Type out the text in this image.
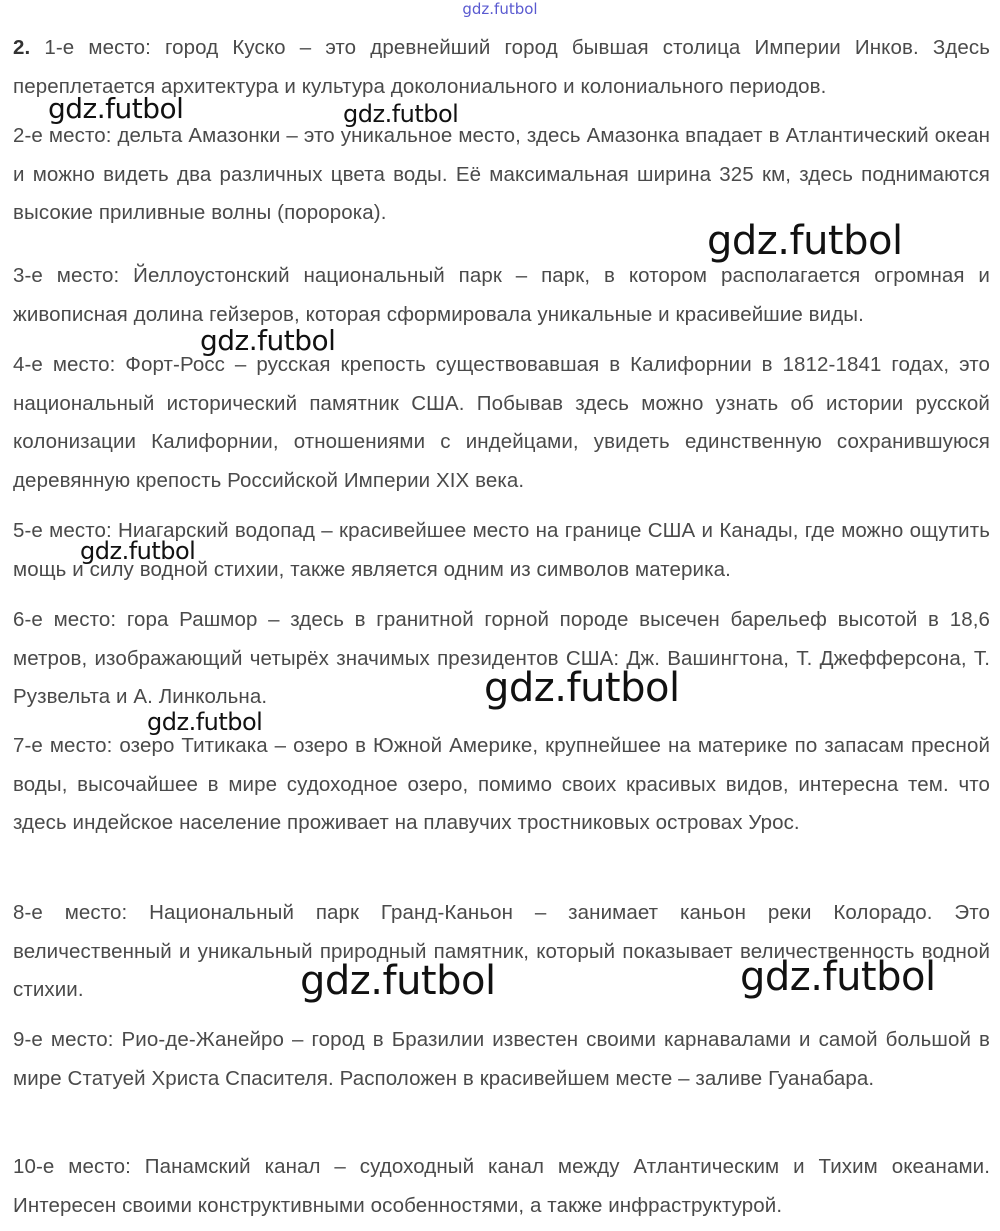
gdz.futbol
2. 1-е место: город Куско – это древнейший город бывшая столица Империи Инков. Здесь переплетается архитектура и культура доколониального и колониального периодов.
2-е место: дельта Амазонки – это уникальное место, здесь Амазонка впадает в Атлантический океан и можно видеть два различных цвета воды. Её максимальная ширина 325 км, здесь поднимаются высокие приливные волны (поророка).
3-е место: Йеллоустонский национальный парк – парк, в котором располагается огромная и живописная долина гейзеров, которая сформировала уникальные и красивейшие виды.
4-е место: Форт-Росс – русская крепость существовавшая в Калифорнии в 1812-1841 годах, это национальный исторический памятник США. Побывав здесь можно узнать об истории русской колонизации Калифорнии, отношениями с индейцами, увидеть единственную сохранившуюся деревянную крепость Российской Империи XIX века.
5-е место: Ниагарский водопад – красивейшее место на границе США и Канады, где можно ощутить мощь и силу водной стихии, также является одним из символов материка.
6-е место: гора Рашмор – здесь в гранитной горной породе высечен барельеф высотой в 18,6 метров, изображающий четырёх значимых президентов США: Дж. Вашингтона, Т. Джефферсона, Т. Рузвельта и А. Линкольна.
7-е место: озеро Титикака – озеро в Южной Америке, крупнейшее на материке по запасам пресной воды, высочайшее в мире судоходное озеро, помимо своих красивых видов, интересна тем. что здесь индейское население проживает на плавучих тростниковых островах Урос.
8-е место: Национальный парк Гранд-Каньон – занимает каньон реки Колорадо. Это величественный и уникальный природный памятник, который показывает величественность водной стихии.
9-е место: Рио-де-Жанейро – город в Бразилии известен своими карнавалами и самой большой в мире Статуей Христа Спасителя. Расположен в красивейшем месте – заливе Гуанабара.
10-е место: Панамский канал – судоходный канал между Атлантическим и Тихим океанами. Интересен своими конструктивными особенностями, а также инфраструктурой.
gdz.futbol	gdz.futbol
gdz.futbol
gdz.futbol
gdz.futbol
gdz.futbol
gdz.futbol
gdz.futbol	gdz.futbol
